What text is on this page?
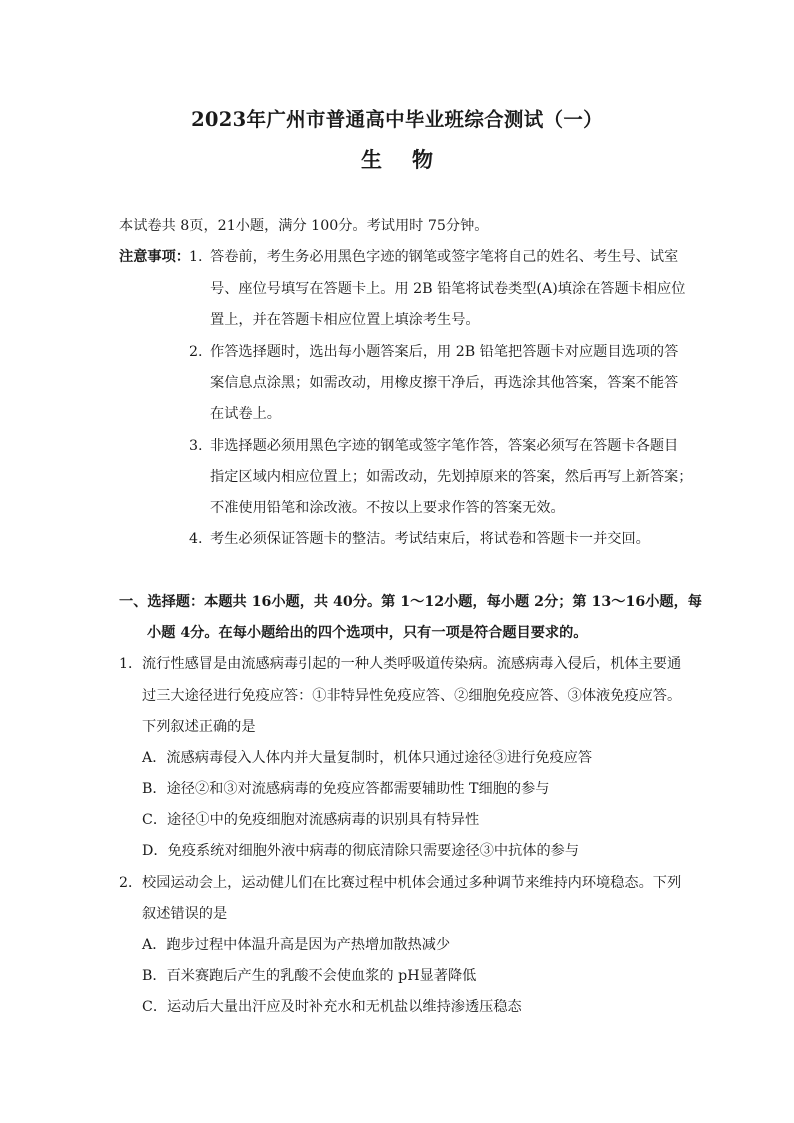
2023年广州市普通高中毕业班综合测试（一）
生物
本试卷共 8页，21小题，满分 100分。考试用时 75分钟。
注意事项： 1. 答卷前，考生务必用黑色字迹的钢笔或签字笔将自己的姓名、考生号、试室
号、座位号填写在答题卡上。用 2B 铅笔将试卷类型(A)填涂在答题卡相应位
置上，并在答题卡相应位置上填涂考生号。
2. 作答选择题时，选出每小题答案后，用 2B 铅笔把答题卡对应题目选项的答
案信息点涂黑；如需改动，用橡皮擦干净后，再选涂其他答案，答案不能答
在试卷上。
3. 非选择题必须用黑色字迹的钢笔或签字笔作答，答案必须写在答题卡各题目
指定区域内相应位置上；如需改动，先划掉原来的答案，然后再写上新答案；
不准使用铅笔和涂改液。不按以上要求作答的答案无效。
4. 考生必须保证答题卡的整洁。考试结束后，将试卷和答题卡一并交回。
一、选择题：本题共 16小题，共 40分。第 1～12小题，每小题 2分；第 13～16小题，每
小题 4分。在每小题给出的四个选项中，只有一项是符合题目要求的。
1． 流行性感冒是由流感病毒引起的一种人类呼吸道传染病。流感病毒入侵后，机体主要通
过三大途径进行免疫应答：①非特异性免疫应答、②细胞免疫应答、③体液免疫应答。
下列叙述正确的是
A．流感病毒侵入人体内并大量复制时，机体只通过途径③进行免疫应答
B．途径②和③对流感病毒的免疫应答都需要辅助性 T细胞的参与
C．途径①中的免疫细胞对流感病毒的识别具有特异性
D．免疫系统对细胞外液中病毒的彻底清除只需要途径③中抗体的参与
2． 校园运动会上，运动健儿们在比赛过程中机体会通过多种调节来维持内环境稳态。下列
叙述错误的是
A．跑步过程中体温升高是因为产热增加散热减少
B．百米赛跑后产生的乳酸不会使血浆的 pH显著降低
C．运动后大量出汗应及时补充水和无机盐以维持渗透压稳态
